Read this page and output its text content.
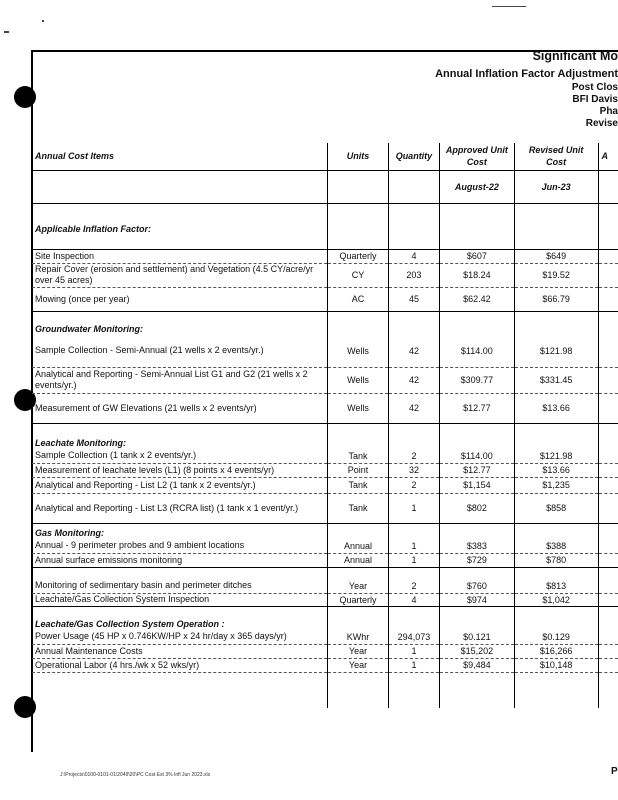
Significant Mo
Annual Inflation Factor Adjustment
Post Clos
BFI Davis
Pha
Revise
Annual Cost Items	Units	Quantity	Approved Unit Cost	Revised Unit Cost	A
			August-22	Jun-23	
Applicable Inflation Factor:					
Site Inspection	Quarterly	4	$607	$649	
Repair Cover (erosion and settlement) and Vegetation (4.5 CY/acre/yr over 45 acres)	CY	203	$18.24	$19.52	
Mowing (once per year)	AC	45	$62.42	$66.79	
Groundwater Monitoring:					
Sample Collection - Semi-Annual (21 wells x 2 events/yr.)	Wells	42	$114.00	$121.98	
Analytical and Reporting - Semi-Annual List G1 and G2 (21 wells x 2 events/yr.)	Wells	42	$309.77	$331.45	
Measurement of GW Elevations (21 wells x 2 events/yr)	Wells	42	$12.77	$13.66	
Leachate Monitoring:					
Sample Collection (1 tank x 2 events/yr.)	Tank	2	$114.00	$121.98	
Measurement of leachate levels (L1) (8 points x 4 events/yr)	Point	32	$12.77	$13.66	
Analytical and Reporting - List L2 (1 tank x 2 events/yr.)	Tank	2	$1,154	$1,235	
Analytical and Reporting - List L3 (RCRA list) (1 tank x 1 event/yr.)	Tank	1	$802	$858	
Gas Monitoring:					
Annual - 9 perimeter probes and 9 ambient locations	Annual	1	$383	$388	
Annual surface emissions monitoring	Annual	1	$729	$780	

Monitoring of sedimentary basin and perimeter ditches	Year	2	$760	$813	
Leachate/Gas Collection System Inspection	Quarterly	4	$974	$1,042	
Leachate/Gas Collection System Operation :					
Power Usage (45 HP x 0.746KW/HP x 24 hr/day x 365 days/yr)	KWhr	294,073	$0.121	$0.129	
Annual Maintenance Costs	Year	1	$15,202	$16,266	
Operational Labor (4 hrs./wk x 52 wks/yr)	Year	1	$9,484	$10,148	

J:\Projects\0100-0101-01\2049\20\PC Cost Est 3% Infl Jun 2023.xls	P
